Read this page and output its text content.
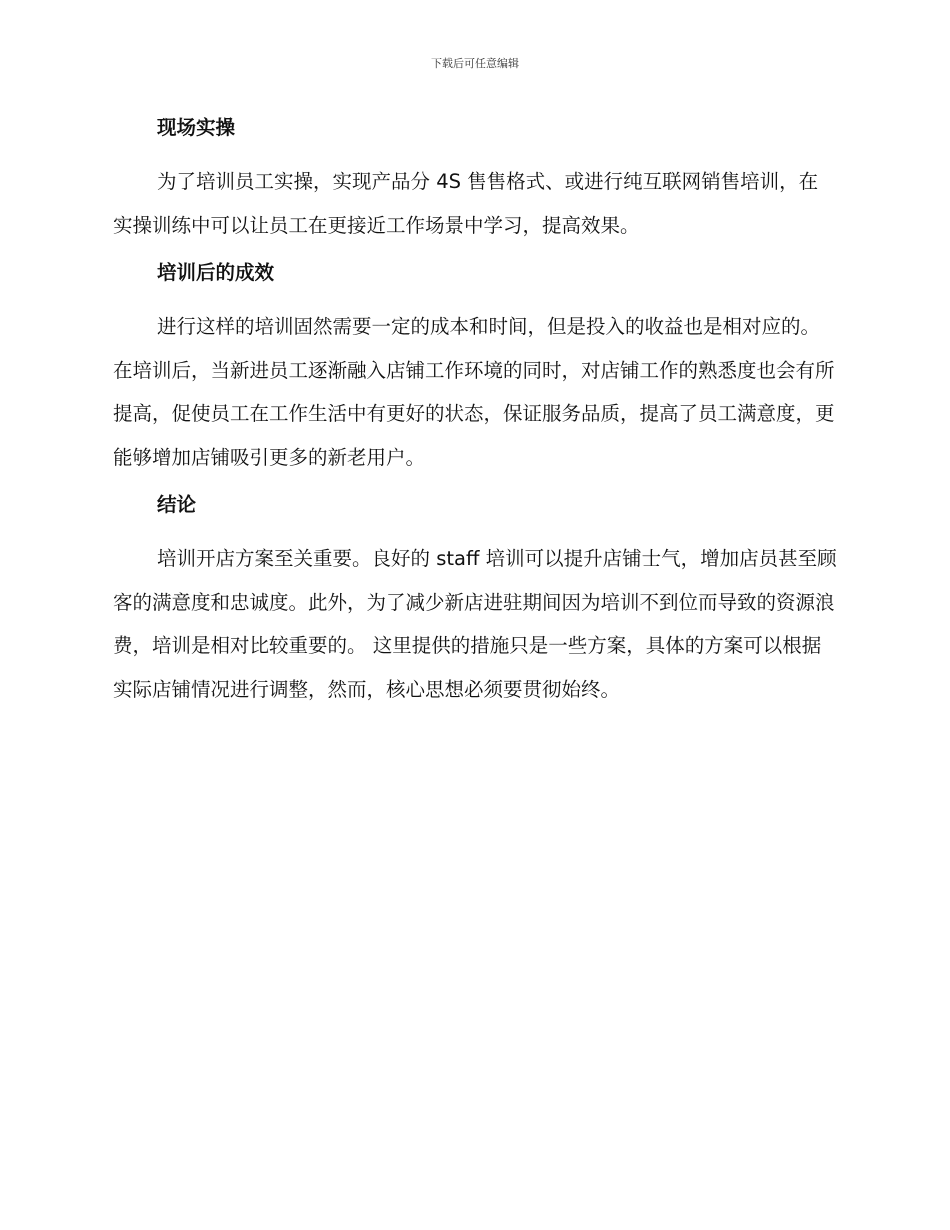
下载后可任意编辑
现场实操

为了培训员工实操，实现产品分 4S 售售格式、或进行纯互联网销售培训，在实操训练中可以让员工在更接近工作场景中学习，提高效果。

培训后的成效

进行这样的培训固然需要一定的成本和时间，但是投入的收益也是相对应的。在培训后，当新进员工逐渐融入店铺工作环境的同时，对店铺工作的熟悉度也会有所提高，促使员工在工作生活中有更好的状态，保证服务品质，提高了员工满意度，更能够增加店铺吸引更多的新老用户。

结论

培训开店方案至关重要。良好的 staff 培训可以提升店铺士气，增加店员甚至顾客的满意度和忠诚度。此外，为了减少新店进驻期间因为培训不到位而导致的资源浪费，培训是相对比较重要的。 这里提供的措施只是一些方案，具体的方案可以根据实际店铺情况进行调整，然而，核心思想必须要贯彻始终。
